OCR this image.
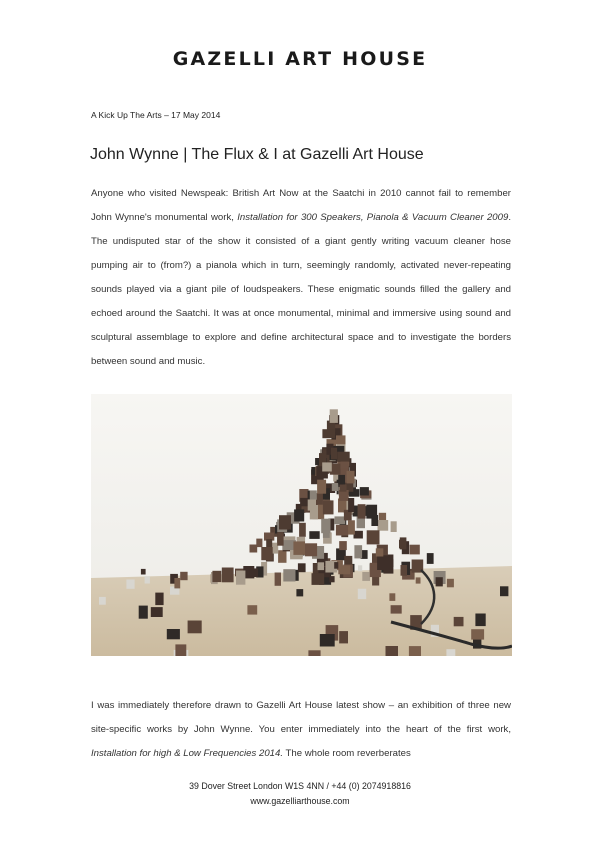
GAZELLI ART HOUSE
A Kick Up The Arts – 17 May 2014
John Wynne | The Flux & I at Gazelli Art House

Anyone who visited Newspeak: British Art Now at the Saatchi in 2010 cannot fail to remember John Wynne's monumental work, Installation for 300 Speakers, Pianola & Vacuum Cleaner 2009. The undisputed star of the show it consisted of a giant gently writing vacuum cleaner hose pumping air to (from?) a pianola which in turn, seemingly randomly, activated never-repeating sounds played via a giant pile of loudspeakers. These enigmatic sounds filled the gallery and echoed around the Saatchi. It was at once monumental, minimal and immersive using sound and sculptural assemblage to explore and define architectural space and to investigate the borders between sound and music.

I was immediately therefore drawn to Gazelli Art House latest show – an exhibition of three new site-specific works by John Wynne. You enter immediately into the heart of the first work, Installation for high & Low Frequencies 2014. The whole room reverberates

39 Dover Street London W1S 4NN / +44 (0) 2074918816
www.gazelliarthouse.com
